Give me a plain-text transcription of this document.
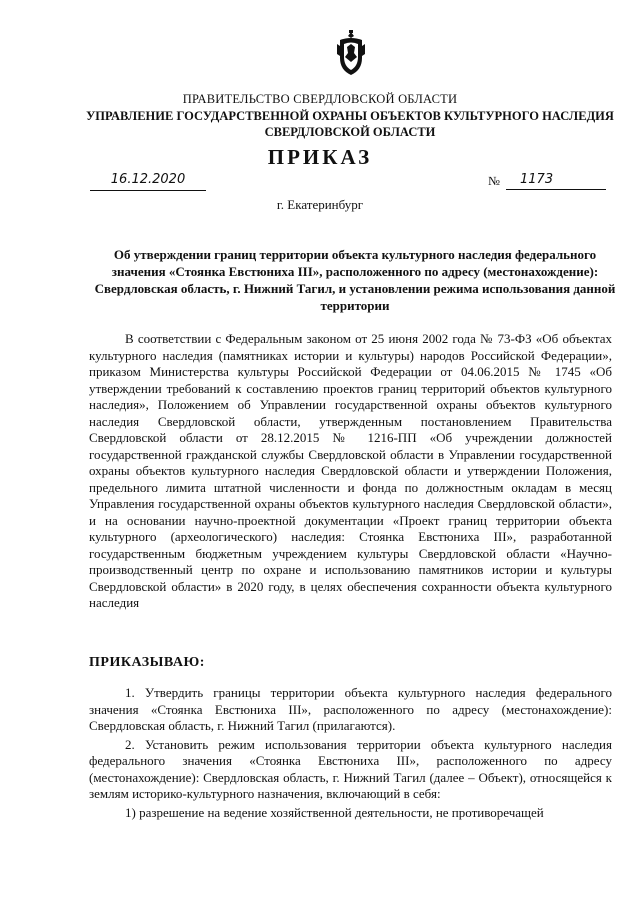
ПРАВИТЕЛЬСТВО СВЕРДЛОВСКОЙ ОБЛАСТИ
УПРАВЛЕНИЕ ГОСУДАРСТВЕННОЙ ОХРАНЫ ОБЪЕКТОВ КУЛЬТУРНОГО НАСЛЕДИЯ СВЕРДЛОВСКОЙ ОБЛАСТИ
ПРИКАЗ
16.12.2020	№	1173
г. Екатеринбург
Об утверждении границ территории объекта культурного наследия федерального значения «Стоянка Евстюниха III», расположенного по адресу (местонахождение): Свердловская область, г. Нижний Тагил, и установлении режима использования данной территории

В соответствии с Федеральным законом от 25 июня 2002 года № 73-ФЗ «Об объектах культурного наследия (памятниках истории и культуры) народов Российской Федерации», приказом Министерства культуры Российской Федерации от 04.06.2015 № 1745 «Об утверждении требований к составлению проектов границ территорий объектов культурного наследия», Положением об Управлении государственной охраны объектов культурного наследия Свердловской области, утвержденным постановлением Правительства Свердловской области от 28.12.2015 № 1216-ПП «Об учреждении должностей государственной гражданской службы Свердловской области в Управлении государственной охраны объектов культурного наследия Свердловской области и утверждении Положения, предельного лимита штатной численности и фонда по должностным окладам в месяц Управления государственной охраны объектов культурного наследия Свердловской области», и на основании научно-проектной документации «Проект границ территории объекта культурного (археологического) наследия: Стоянка Евстюниха III», разработанной государственным бюджетным учреждением культуры Свердловской области «Научно-производственный центр по охране и использованию памятников истории и культуры Свердловской области» в 2020 году, в целях обеспечения сохранности объекта культурного наследия

ПРИКАЗЫВАЮ:

1. Утвердить границы территории объекта культурного наследия федерального значения «Стоянка Евстюниха III», расположенного по адресу (местонахождение): Свердловская область, г. Нижний Тагил (прилагаются).

2. Установить режим использования территории объекта культурного наследия федерального значения «Стоянка Евстюниха III», расположенного по адресу (местонахождение): Свердловская область, г. Нижний Тагил (далее – Объект), относящейся к землям историко-культурного назначения, включающий в себя:

1) разрешение на ведение хозяйственной деятельности, не противоречащей
